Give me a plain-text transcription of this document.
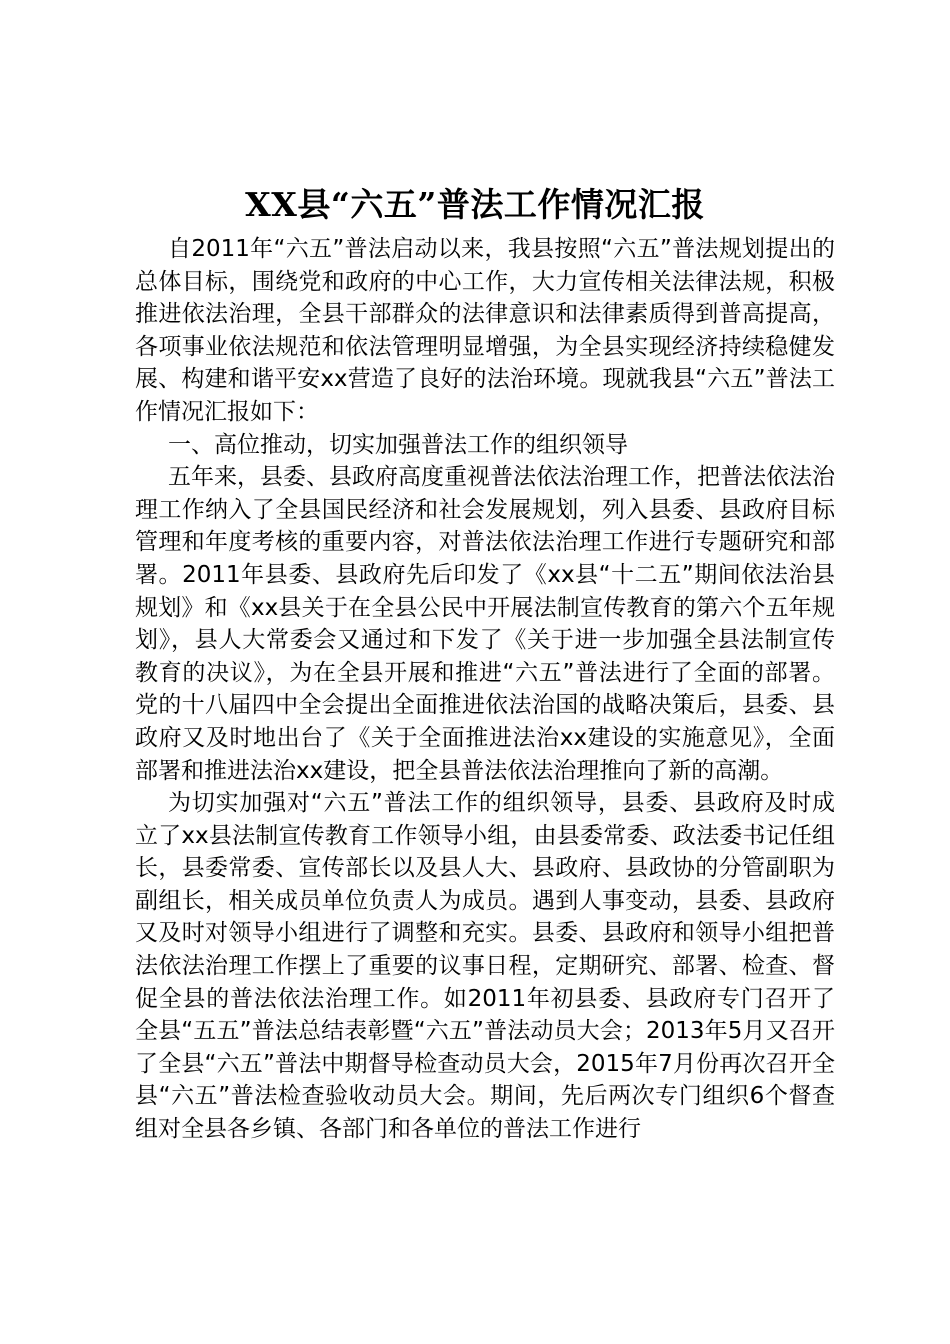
XX县“六五”普法工作情况汇报

自2011年“六五”普法启动以来，我县按照“六五”普法规划提出的总体目标，围绕党和政府的中心工作，大力宣传相关法律法规，积极推进依法治理，全县干部群众的法律意识和法律素质得到普高提高，各项事业依法规范和依法管理明显增强，为全县实现经济持续稳健发展、构建和谐平安xx营造了良好的法治环境。现就我县“六五”普法工作情况汇报如下：

一、高位推动，切实加强普法工作的组织领导

五年来，县委、县政府高度重视普法依法治理工作，把普法依法治理工作纳入了全县国民经济和社会发展规划，列入县委、县政府目标管理和年度考核的重要内容，对普法依法治理工作进行专题研究和部署。2011年县委、县政府先后印发了《xx县“十二五”期间依法治县规划》和《xx县关于在全县公民中开展法制宣传教育的第六个五年规划》，县人大常委会又通过和下发了《关于进一步加强全县法制宣传教育的决议》，为在全县开展和推进“六五”普法进行了全面的部署。党的十八届四中全会提出全面推进依法治国的战略决策后，县委、县政府又及时地出台了《关于全面推进法治xx建设的实施意见》，全面部署和推进法治xx建设，把全县普法依法治理推向了新的高潮。

为切实加强对“六五”普法工作的组织领导，县委、县政府及时成立了xx县法制宣传教育工作领导小组，由县委常委、政法委书记任组长，县委常委、宣传部长以及县人大、县政府、县政协的分管副职为副组长，相关成员单位负责人为成员。遇到人事变动，县委、县政府又及时对领导小组进行了调整和充实。县委、县政府和领导小组把普法依法治理工作摆上了重要的议事日程，定期研究、部署、检查、督促全县的普法依法治理工作。如2011年初县委、县政府专门召开了全县“五五”普法总结表彰暨“六五”普法动员大会；2013年5月又召开了全县“六五”普法中期督导检查动员大会，2015年7月份再次召开全县“六五”普法检查验收动员大会。期间，先后两次专门组织6个督查组对全县各乡镇、各部门和各单位的普法工作进行
